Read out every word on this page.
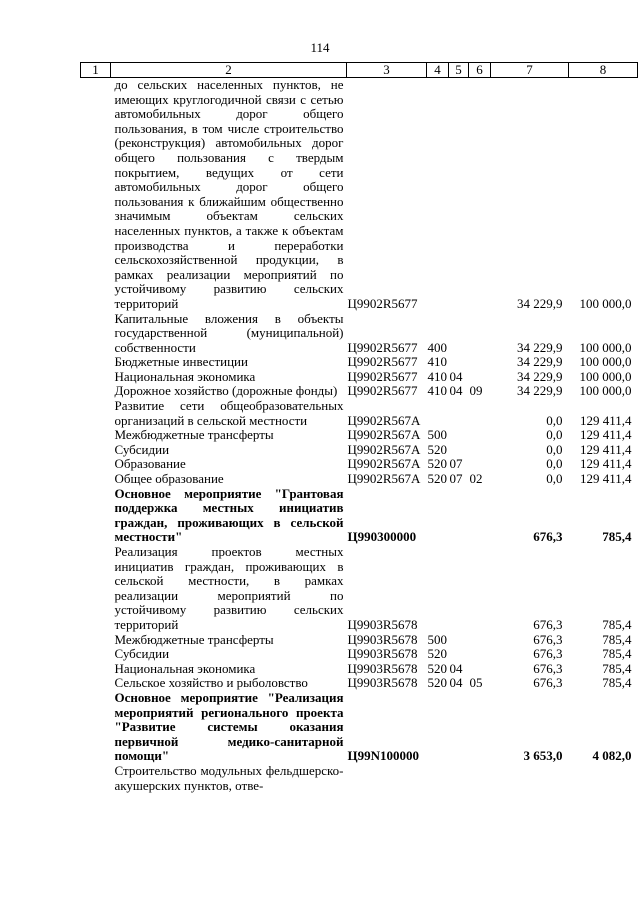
114
1	2	3	4	5	6	7	8
	до сельских населенных пунктов, не имеющих круглогодичной связи с сетью автомобильных дорог общего пользования, в том числе строительство (реконструкция) автомобильных дорог общего пользования с твердым покрытием, ведущих от сети автомобильных дорог общего пользования к ближайшим общественно значимым объектам сельских населенных пунктов, а также к объектам производства и переработки сельскохозяйственной продукции, в рамках реализации мероприятий по устойчивому развитию сельских территорий	Ц9902R5677				34 229,9	100 000,0
	Капитальные вложения в объекты государственной (муниципальной) собственности	Ц9902R5677	400			34 229,9	100 000,0
	Бюджетные инвестиции	Ц9902R5677	410			34 229,9	100 000,0
	Национальная экономика	Ц9902R5677	410	04		34 229,9	100 000,0
	Дорожное хозяйство (дорожные фонды)	Ц9902R5677	410	04	09	34 229,9	100 000,0
	Развитие сети общеобразовательных организаций в сельской местности	Ц9902R567A				0,0	129 411,4
	Межбюджетные трансферты	Ц9902R567A	500			0,0	129 411,4
	Субсидии	Ц9902R567A	520			0,0	129 411,4
	Образование	Ц9902R567A	520	07		0,0	129 411,4
	Общее образование	Ц9902R567A	520	07	02	0,0	129 411,4
	Основное мероприятие "Грантовая поддержка местных инициатив граждан, проживающих в сельской местности"	Ц990300000				676,3	785,4
	Реализация проектов местных инициатив граждан, проживающих в сельской местности, в рамках реализации мероприятий по устойчивому развитию сельских территорий	Ц9903R5678				676,3	785,4
	Межбюджетные трансферты	Ц9903R5678	500			676,3	785,4
	Субсидии	Ц9903R5678	520			676,3	785,4
	Национальная экономика	Ц9903R5678	520	04		676,3	785,4
	Сельское хозяйство и рыболовство	Ц9903R5678	520	04	05	676,3	785,4
	Основное мероприятие "Реализация мероприятий регионального проекта "Развитие системы оказания первичной медико-санитарной помощи"	Ц99N100000				3 653,0	4 082,0
	Строительство модульных фельдшерско-акушерских пунктов, отве-						
